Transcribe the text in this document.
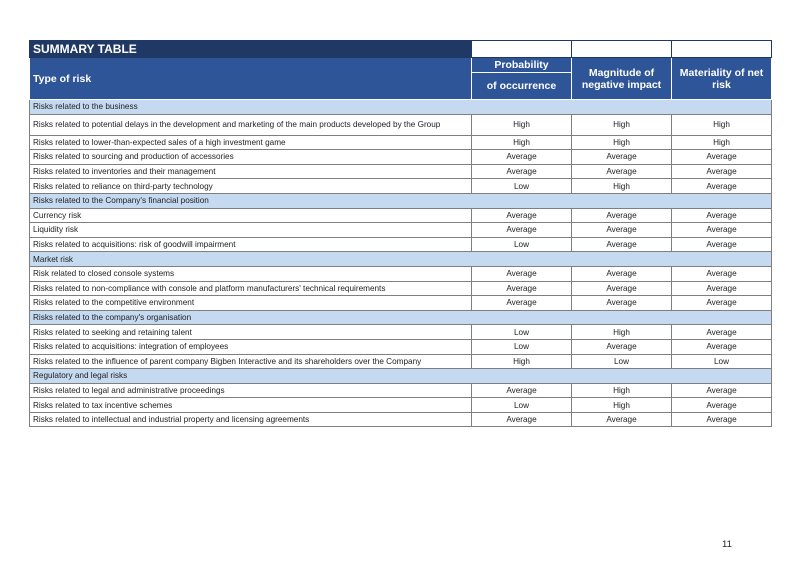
SUMMARY TABLE			
Type of risk	Probability	Magnitude of negative impact	Materiality of net risk
	of occurrence		
Risks related to the business			
Risks related to potential delays in the development and marketing of the main products developed by the Group	High	High	High
Risks related to lower-than-expected sales of a high investment game	High	High	High
Risks related to sourcing and production of accessories	Average	Average	Average
Risks related to inventories and their management	Average	Average	Average
Risks related to reliance on third-party technology	Low	High	Average
Risks related to the Company's financial position			
Currency risk	Average	Average	Average
Liquidity risk	Average	Average	Average
Risks related to acquisitions: risk of goodwill impairment	Low	Average	Average
Market risk			
Risk related to closed console systems	Average	Average	Average
Risks related to non-compliance with console and platform manufacturers' technical requirements	Average	Average	Average
Risks related to the competitive environment	Average	Average	Average
Risks related to the company's organisation			
Risks related to seeking and retaining talent	Low	High	Average
Risks related to acquisitions: integration of employees	Low	Average	Average
Risks related to the influence of parent company Bigben Interactive and its shareholders over the Company	High	Low	Low
Regulatory and legal risks			
Risks related to legal and administrative proceedings	Average	High	Average
Risks related to tax incentive schemes	Low	High	Average
Risks related to intellectual and industrial property and licensing agreements	Average	Average	Average
11
